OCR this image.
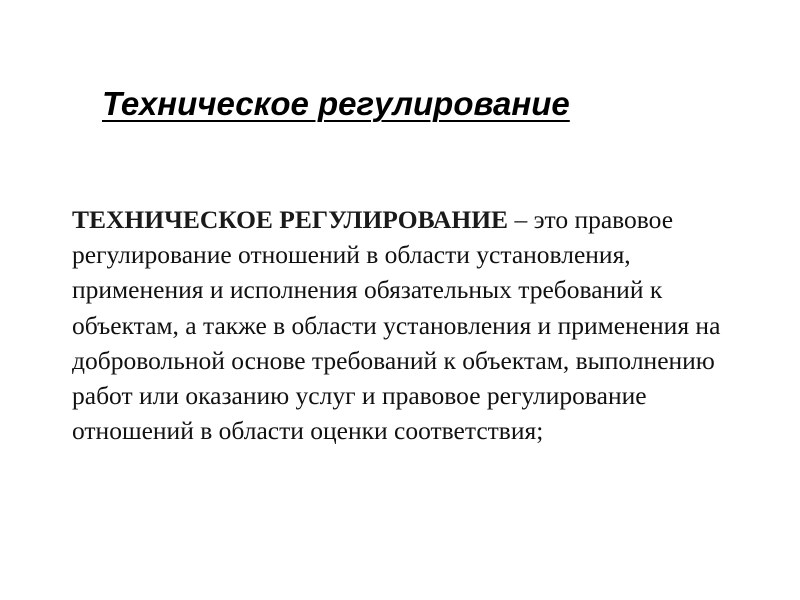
Техническое регулирование

ТЕХНИЧЕСКОЕ РЕГУЛИРОВАНИЕ – это правовое регулирование отношений в области установления, применения и исполнения обязательных требований к объектам, а также в области установления и применения на добровольной основе требований к объектам, выполнению работ или оказанию услуг и правовое регулирование отношений в области оценки соответствия;
